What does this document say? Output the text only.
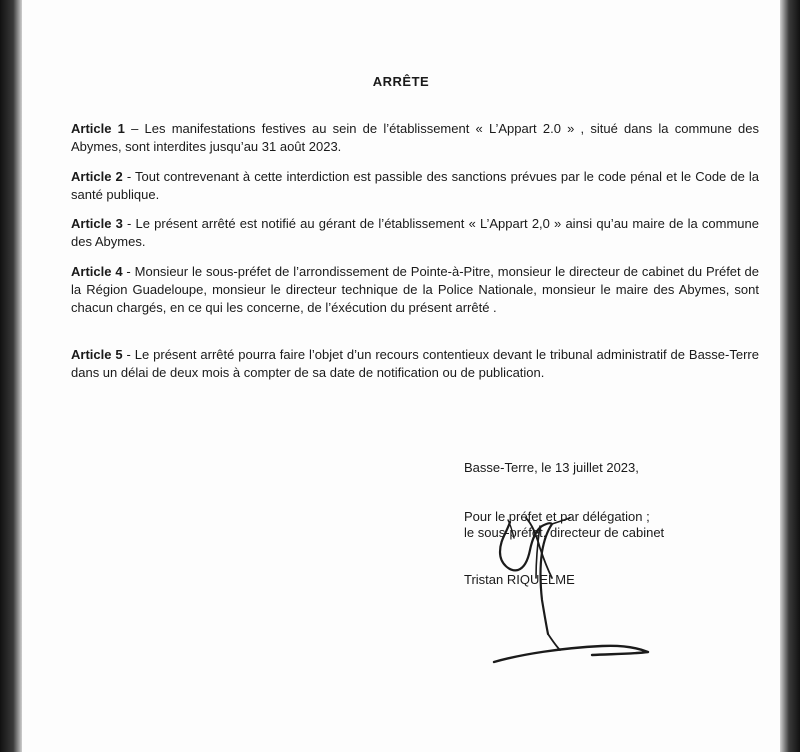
ARRÊTE

Article 1 – Les manifestations festives au sein de l’établissement « L’Appart 2.0 » , situé dans la commune des Abymes, sont interdites jusqu’au 31 août 2023.

Article 2 - Tout contrevenant à cette interdiction est passible des sanctions prévues par le code pénal et le Code de la santé publique.

Article 3 - Le présent arrêté est notifié au gérant de l’établissement « L’Appart 2,0 » ainsi qu’au maire de la commune des Abymes.

Article 4 - Monsieur le sous-préfet de l’arrondissement de Pointe-à-Pitre, monsieur le directeur de cabinet du Préfet de la Région Guadeloupe, monsieur le directeur technique de la Police Nationale, monsieur le maire des Abymes, sont chacun chargés, en ce qui les concerne, de l’éxécution du présent arrêté .

Article 5 - Le présent arrêté pourra faire l’objet d’un recours contentieux devant le tribunal administratif de Basse-Terre dans un délai de deux mois à compter de sa date de notification ou de publication.

Basse-Terre, le 13 juillet 2023,

Pour le préfet et par délégation ;

le sous-préfet, directeur de cabinet

Tristan RIQUELME
